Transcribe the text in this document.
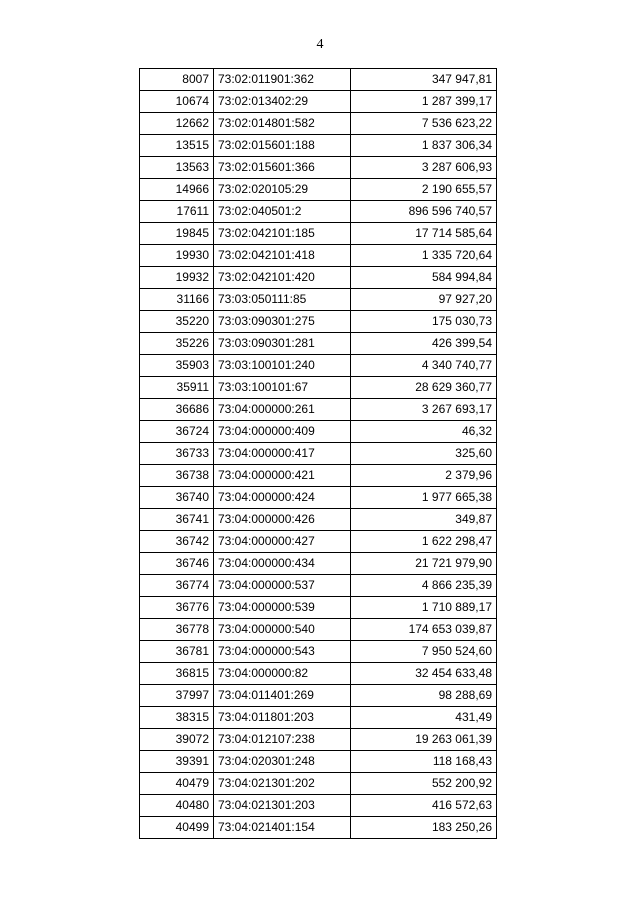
4
8007	73:02:011901:362	347 947,81
10674	73:02:013402:29	1 287 399,17
12662	73:02:014801:582	7 536 623,22
13515	73:02:015601:188	1 837 306,34
13563	73:02:015601:366	3 287 606,93
14966	73:02:020105:29	2 190 655,57
17611	73:02:040501:2	896 596 740,57
19845	73:02:042101:185	17 714 585,64
19930	73:02:042101:418	1 335 720,64
19932	73:02:042101:420	584 994,84
31166	73:03:050111:85	97 927,20
35220	73:03:090301:275	175 030,73
35226	73:03:090301:281	426 399,54
35903	73:03:100101:240	4 340 740,77
35911	73:03:100101:67	28 629 360,77
36686	73:04:000000:261	3 267 693,17
36724	73:04:000000:409	46,32
36733	73:04:000000:417	325,60
36738	73:04:000000:421	2 379,96
36740	73:04:000000:424	1 977 665,38
36741	73:04:000000:426	349,87
36742	73:04:000000:427	1 622 298,47
36746	73:04:000000:434	21 721 979,90
36774	73:04:000000:537	4 866 235,39
36776	73:04:000000:539	1 710 889,17
36778	73:04:000000:540	174 653 039,87
36781	73:04:000000:543	7 950 524,60
36815	73:04:000000:82	32 454 633,48
37997	73:04:011401:269	98 288,69
38315	73:04:011801:203	431,49
39072	73:04:012107:238	19 263 061,39
39391	73:04:020301:248	118 168,43
40479	73:04:021301:202	552 200,92
40480	73:04:021301:203	416 572,63
40499	73:04:021401:154	183 250,26
